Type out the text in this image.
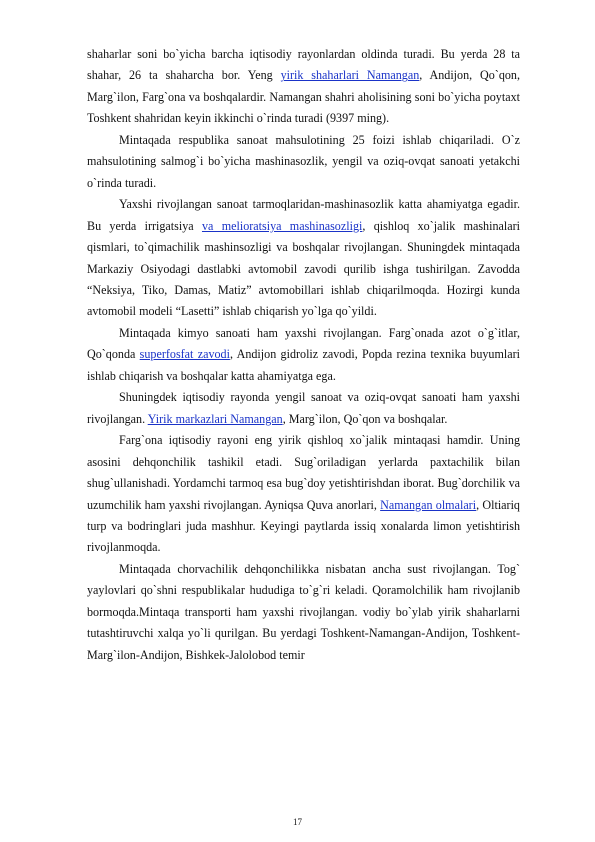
shaharlar soni bo`yicha barcha iqtisodiy rayonlardan oldinda turadi. Bu yerda 28 ta shahar, 26 ta shaharcha bor. Yeng yirik shaharlari Namangan, Andijon, Qo`qon, Marg`ilon, Farg`ona va boshqalardir. Namangan shahri aholisining soni bo`yicha poytaxt Toshkent shahridan keyin ikkinchi o`rinda turadi (9397 ming).

Mintaqada respublika sanoat mahsulotining 25 foizi ishlab chiqariladi. O`z mahsulotining salmog`i bo`yicha mashinasozlik, yengil va oziq-ovqat sanoati yetakchi o`rinda turadi.

Yaxshi rivojlangan sanoat tarmoqlaridan-mashinasozlik katta ahamiyatga egadir. Bu yerda irrigatsiya va melioratsiya mashinasozligi, qishloq xo`jalik mashinalari qismlari, to`qimachilik mashinsozligi va boshqalar rivojlangan. Shuningdek mintaqada Markaziy Osiyodagi dastlabki avtomobil zavodi qurilib ishga tushirilgan. Zavodda “Neksiya, Tiko, Damas, Matiz” avtomobillari ishlab chiqarilmoqda. Hozirgi kunda avtomobil modeli “Lasetti” ishlab chiqarish yo`lga qo`yildi.

Mintaqada kimyo sanoati ham yaxshi rivojlangan. Farg`onada azot o`g`itlar, Qo`qonda superfosfat zavodi, Andijon gidroliz zavodi, Popda rezina texnika buyumlari ishlab chiqarish va boshqalar katta ahamiyatga ega.

Shuningdek iqtisodiy rayonda yengil sanoat va oziq-ovqat sanoati ham yaxshi rivojlangan. Yirik markazlari Namangan, Marg`ilon, Qo`qon va boshqalar.

Farg`ona iqtisodiy rayoni eng yirik qishloq xo`jalik mintaqasi hamdir. Uning asosini dehqonchilik tashikil etadi. Sug`oriladigan yerlarda paxtachilik bilan shug`ullanishadi. Yordamchi tarmoq esa bug`doy yetishtirishdan iborat. Bug`dorchilik va uzumchilik ham yaxshi rivojlangan. Ayniqsa Quva anorlari, Namangan olmalari, Oltiariq turp va bodringlari juda mashhur. Keyingi paytlarda issiq xonalarda limon yetishtirish rivojlanmoqda.

Mintaqada chorvachilik dehqonchilikka nisbatan ancha sust rivojlangan. Tog` yaylovlari qo`shni respublikalar hududiga to`g`ri keladi. Qoramolchilik ham rivojlanib bormoqda.Mintaqa transporti ham yaxshi rivojlangan. vodiy bo`ylab yirik shaharlarni tutashtiruvchi xalqa yo`li qurilgan. Bu yerdagi Toshkent-Namangan-Andijon, Toshkent-Marg`ilon-Andijon, Bishkek-Jalolobod temir

17
